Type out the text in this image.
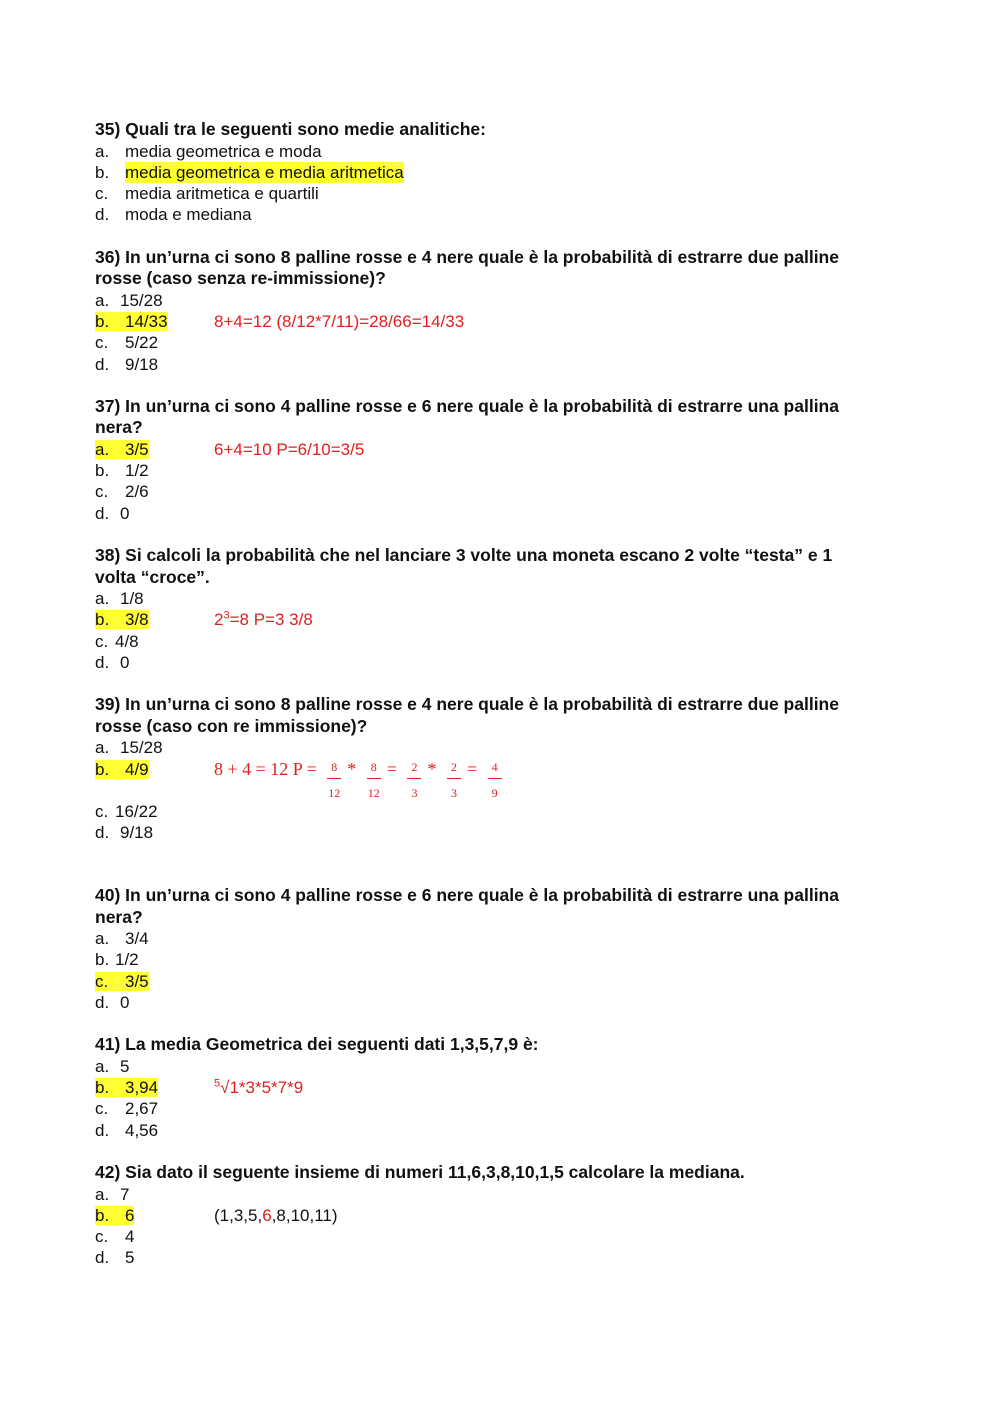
35) Quali tra le seguenti sono medie analitiche:
a. media geometrica e moda
b. media geometrica e media aritmetica
c. media aritmetica e quartili
d. moda e mediana
36) In un’urna ci sono 8 palline rosse e 4 nere quale è la probabilità di estrarre due palline
rosse (caso senza re-immissione)?
a. 15/28
b. 14/33	8+4=12 (8/12*7/11)=28/66=14/33
c. 5/22
d. 9/18
37) In un’urna ci sono 4 palline rosse e 6 nere quale è la probabilità di estrarre una pallina
nera?
a. 3/5	6+4=10 P=6/10=3/5
b. 1/2
c. 2/6
d. 0
38) Si calcoli la probabilità che nel lanciare 3 volte una moneta escano 2 volte “testa” e 1
volta “croce”.
a. 1/8
b. 3/8	$2^3=8$ P=3 3/8
c. 4/8
d. 0
39) In un’urna ci sono 8 palline rosse e 4 nere quale è la probabilità di estrarre due palline
rosse (caso con re immissione)?
a. 15/28
b. 4/9	8 + 4 = 12 $P = \frac{8}{12} * \frac{8}{12} = \frac{2}{3} * \frac{2}{3} = \frac{4}{9}$
c. 16/22
d. 9/18
40) In un’urna ci sono 4 palline rosse e 6 nere quale è la probabilità di estrarre una pallina
nera?
a. 3/4
b. 1/2
c. 3/5
d. 0
41) La media Geometrica dei seguenti dati 1,3,5,7,9 è:
a. 5
b. 3,94	$^5$√1*3*5*7*9
c. 2,67
d. 4,56
42) Sia dato il seguente insieme di numeri 11,6,3,8,10,1,5 calcolare la mediana.
a. 7
b. 6	(1,3,5,6,8,10,11)
c. 4
d. 5
